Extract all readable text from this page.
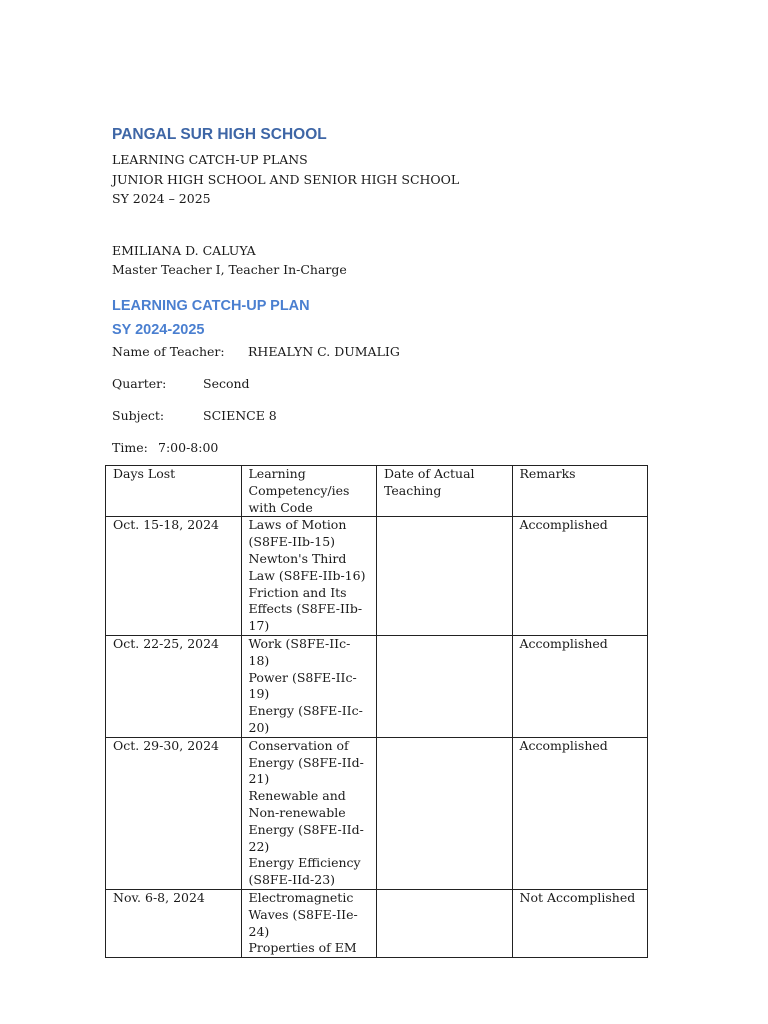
PANGAL SUR HIGH SCHOOL

LEARNING CATCH-UP PLANS

JUNIOR HIGH SCHOOL AND SENIOR HIGH SCHOOL

SY 2024 – 2025

EMILIANA D. CALUYA

Master Teacher I, Teacher In-Charge

LEARNING CATCH-UP PLAN

SY 2024-2025

Name of Teacher: RHEALYN C. DUMALIG

Quarter:	Second

Subject:	SCIENCE 8

Time: 7:00-8:00

Days Lost	Learning Competency/ies with Code	Date of Actual Teaching	Remarks
Oct. 15-18, 2024	Laws of Motion (S8FE-IIb-15)
Newton's Third Law (S8FE-IIb-16)
Friction and Its Effects (S8FE-IIb-17)		Accomplished
Oct. 22-25, 2024	Work (S8FE-IIc-18)
Power (S8FE-IIc-19)
Energy (S8FE-IIc-20)		Accomplished
Oct. 29-30, 2024	Conservation of Energy (S8FE-IId-21)
Renewable and Non-renewable Energy (S8FE-IId-22)
Energy Efficiency (S8FE-IId-23)		Accomplished
Nov. 6-8, 2024	Electromagnetic Waves (S8FE-IIe-24)
Properties of EM		Not Accomplished
